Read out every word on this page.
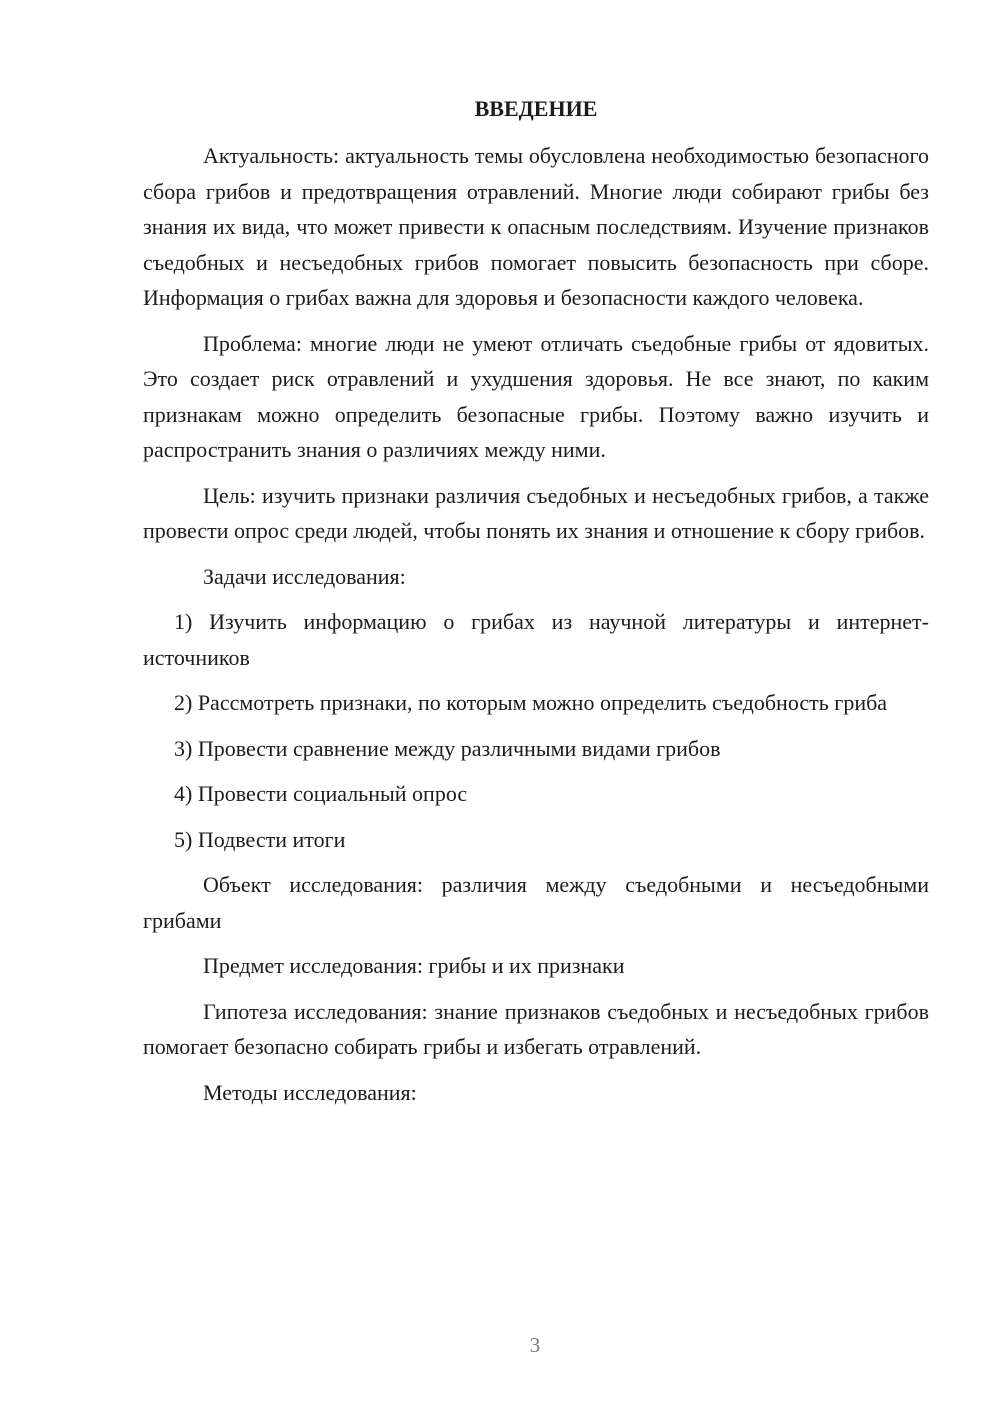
ВВЕДЕНИЕ

Актуальность: актуальность темы обусловлена необходимостью безопасного сбора грибов и предотвращения отравлений. Многие люди собирают грибы без знания их вида, что может привести к опасным последствиям. Изучение признаков съедобных и несъедобных грибов помогает повысить безопасность при сборе. Информация о грибах важна для здоровья и безопасности каждого человека.

Проблема: многие люди не умеют отличать съедобные грибы от ядовитых. Это создает риск отравлений и ухудшения здоровья. Не все знают, по каким признакам можно определить безопасные грибы. Поэтому важно изучить и распространить знания о различиях между ними.

Цель: изучить признаки различия съедобных и несъедобных грибов, а также провести опрос среди людей, чтобы понять их знания и отношение к сбору грибов.

Задачи исследования:

1) Изучить информацию о грибах из научной литературы и интернет-источников

2) Рассмотреть признаки, по которым можно определить съедобность гриба

3) Провести сравнение между различными видами грибов

4) Провести социальный опрос

5) Подвести итоги

Объект исследования: различия между съедобными и несъедобными грибами

Предмет исследования: грибы и их признаки

Гипотеза исследования: знание признаков съедобных и несъедобных грибов помогает безопасно собирать грибы и избегать отравлений.

Методы исследования:

3
